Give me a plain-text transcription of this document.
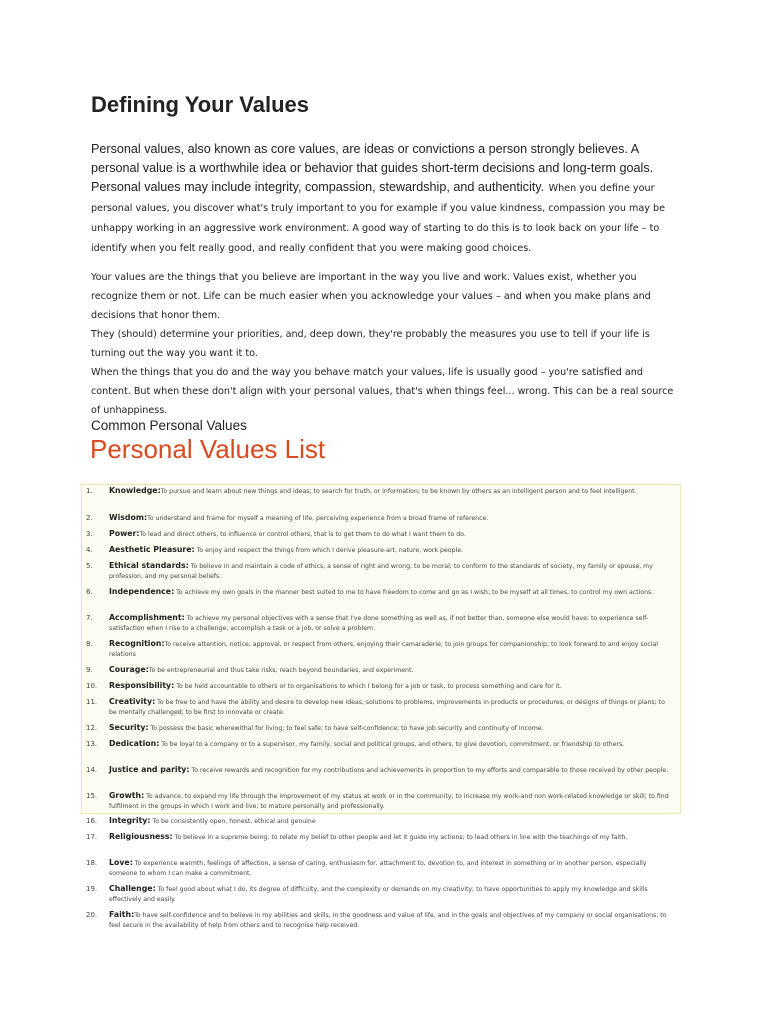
Defining Your Values
Personal values, also known as core values, are ideas or convictions a person strongly believes. A personal value is a worthwhile idea or behavior that guides short-term decisions and long-term goals. Personal values may include integrity, compassion, stewardship, and authenticity. When you define your personal values, you discover what's truly important to you for example if you value kindness, compassion you may be unhappy working in an aggressive work environment. A good way of starting to do this is to look back on your life – to identify when you felt really good, and really confident that you were making good choices.

Your values are the things that you believe are important in the way you live and work. Values exist, whether you recognize them or not. Life can be much easier when you acknowledge your values – and when you make plans and decisions that honor them.

They (should) determine your priorities, and, deep down, they're probably the measures you use to tell if your life is turning out the way you want it to.

When the things that you do and the way you behave match your values, life is usually good – you're satisfied and content. But when these don't align with your personal values, that's when things feel... wrong. This can be a real source of unhappiness.

Common Personal Values
Personal Values List
1.	Knowledge:To pursue and learn about new things and ideas; to search for truth, or information; to be known by others as an intelligent person and to feel intelligent.
2.	Wisdom:To understand and frame for myself a meaning of life, perceiving experience from a broad frame of reference.
3.	Power:To lead and direct others, to influence or control others, that is to get them to do what I want them to do.
4.	Aesthetic Pleasure: To enjoy and respect the things from which I derive pleasure-art, nature, work people.
5.	Ethical standards: To believe in and maintain a code of ethics, a sense of right and wrong; to be moral; to conform to the standards of society, my family or spouse, my profession, and my personal beliefs.
6.	Independence: To achieve my own goals in the manner best suited to me to have freedom to come and go as I wish; to be myself at all times, to control my own actions.
7.	Accomplishment: To achieve my personal objectives with a sense that I've done something as well as, if not better than, someone else would have; to experience self-satisfaction when I rise to a challenge, accomplish a task or a job, or solve a problem.
8.	Recognition:To receive attention, notice, approval, or respect from others, enjoying their camaraderie; to join groups for companionship; to look forward to and enjoy social relations
9.	Courage:To be entrepreneurial and thus take risks, reach beyond boundaries, and experiment.
10.	Responsibility: To be held accountable to others or to organisations to which I belong for a job or task, to process something and care for it.
11.	Creativity: To be free to and have the ability and desire to develop new ideas, solutions to problems, improvements in products or procedures, or designs of things or plans; to be mentally challenged; to be first to innovate or create.
12.	Security: To possess the basic wherewithal for living; to feel safe; to have self-confidence; to have job security and continuity of income.
13.	Dedication: To be loyal to a company or to a supervisor, my family, social and political groups, and others, to give devotion, commitment, or friendship to others.
14.	Justice and parity: To receive rewards and recognition for my contributions and achievements in proportion to my efforts and comparable to those received by other people.
15.	Growth: To advance, to expand my life through the improvement of my status at work or in the community; to increase my work-and non work-related knowledge or skill; to find fulfilment in the groups in which I work and live; to mature personally and professionally.
16.	Integrity: To be consistently open, honest, ethical and genuine
17.	Religiousness: To believe in a supreme being; to relate my belief to other people and let it guide my actions; to lead others in line with the teachings of my faith.
18.	Love: To experience warmth, feelings of affection, a sense of caring, enthusiasm for, attachment to, devotion to, and interest in something or in another person, especially someone to whom I can make a commitment.
19.	Challenge: To feel good about what I do, its degree of difficulty, and the complexity or demands on my creativity; to have opportunities to apply my knowledge and skills effectively and easily.
20.	Faith:To have self-confidence and to believe in my abilities and skills, in the goodness and value of life, and in the goals and objectives of my company or social organisations; to feel secure in the availability of help from others and to recognise help received.
